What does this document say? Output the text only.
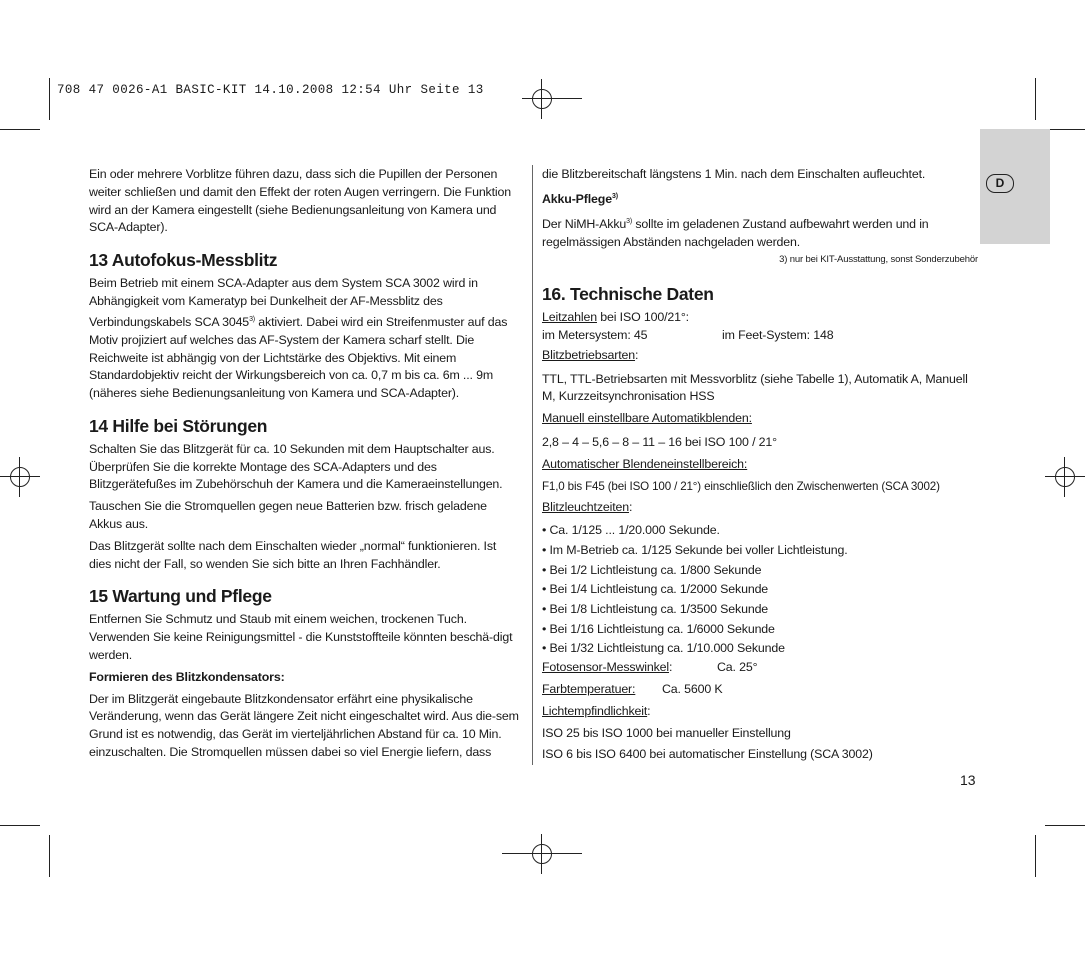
708 47 0026-A1 BASIC-KIT 14.10.2008 12:54 Uhr Seite 13
D

Ein oder mehrere Vorblitze führen dazu, dass sich die Pupillen der Personen weiter schließen und damit den Effekt der roten Augen verringern. Die Funktion wird an der Kamera eingestellt (siehe Bedienungsanleitung von Kamera und SCA-Adapter).

13 Autofokus-Messblitz

Beim Betrieb mit einem SCA-Adapter aus dem System SCA 3002 wird in Abhängigkeit vom Kameratyp bei Dunkelheit der AF-Messblitz des Verbindungskabels SCA 3045$^{3)}$ aktiviert. Dabei wird ein Streifenmuster auf das Motiv projiziert auf welches das AF-System der Kamera scharf stellt. Die Reichweite ist abhängig von der Lichtstärke des Objektivs. Mit einem Standardobjektiv reicht der Wirkungsbereich von ca. 0,7 m bis ca. 6m ... 9m (näheres siehe Bedienungsanleitung von Kamera und SCA-Adapter).

14 Hilfe bei Störungen

Schalten Sie das Blitzgerät für ca. 10 Sekunden mit dem Hauptschalter aus. Überprüfen Sie die korrekte Montage des SCA-Adapters und des Blitzgerätefußes im Zubehörschuh der Kamera und die Kameraeinstellungen.

Tauschen Sie die Stromquellen gegen neue Batterien bzw. frisch geladene Akkus aus.

Das Blitzgerät sollte nach dem Einschalten wieder „normal“ funktionieren. Ist dies nicht der Fall, so wenden Sie sich bitte an Ihren Fachhändler.

15 Wartung und Pflege

Entfernen Sie Schmutz und Staub mit einem weichen, trockenen Tuch. Verwenden Sie keine Reinigungsmittel - die Kunststoffteile könnten beschä-digt werden.

Formieren des Blitzkondensators:

Der im Blitzgerät eingebaute Blitzkondensator erfährt eine physikalische Veränderung, wenn das Gerät längere Zeit nicht eingeschaltet wird. Aus die-sem Grund ist es notwendig, das Gerät im vierteljährlichen Abstand für ca. 10 Min. einzuschalten. Die Stromquellen müssen dabei so viel Energie liefern, dass

die Blitzbereitschaft längstens 1 Min. nach dem Einschalten aufleuchtet.

Akku-Pflege$^{3)}$

Der NiMH-Akku$^{3)}$ sollte im geladenen Zustand aufbewahrt werden und in regelmässigen Abständen nachgeladen werden.

3) nur bei KIT-Ausstattung, sonst Sonderzubehör

16. Technische Daten

Leitzahlen bei ISO 100/21°:

im Metersystem: 45	im Feet-System: 148

Blitzbetriebsarten:

TTL, TTL-Betriebsarten mit Messvorblitz (siehe Tabelle 1), Automatik A, Manuell M, Kurzzeitsynchronisation HSS

Manuell einstellbare Automatikblenden:

2,8 – 4 – 5,6 – 8 – 11 – 16 bei ISO 100 / 21°

Automatischer Blendeneinstellbereich:

F1,0 bis F45 (bei ISO 100 / 21°) einschließlich den Zwischenwerten (SCA 3002)

Blitzleuchtzeiten:

• Ca. 1/125 ... 1/20.000 Sekunde.
• Im M-Betrieb ca. 1/125 Sekunde bei voller Lichtleistung.
• Bei 1/2 Lichtleistung ca. 1/800 Sekunde
• Bei 1/4 Lichtleistung ca. 1/2000 Sekunde
• Bei 1/8 Lichtleistung ca. 1/3500 Sekunde
• Bei 1/16 Lichtleistung ca. 1/6000 Sekunde
• Bei 1/32 Lichtleistung ca. 1/10.000 Sekunde

Fotosensor-Messwinkel:	Ca. 25°

Farbtemperatuer: Ca. 5600 K

Lichtempfindlichkeit:

ISO 25 bis ISO 1000 bei manueller Einstellung

ISO 6 bis ISO 6400 bei automatischer Einstellung (SCA 3002)

13
